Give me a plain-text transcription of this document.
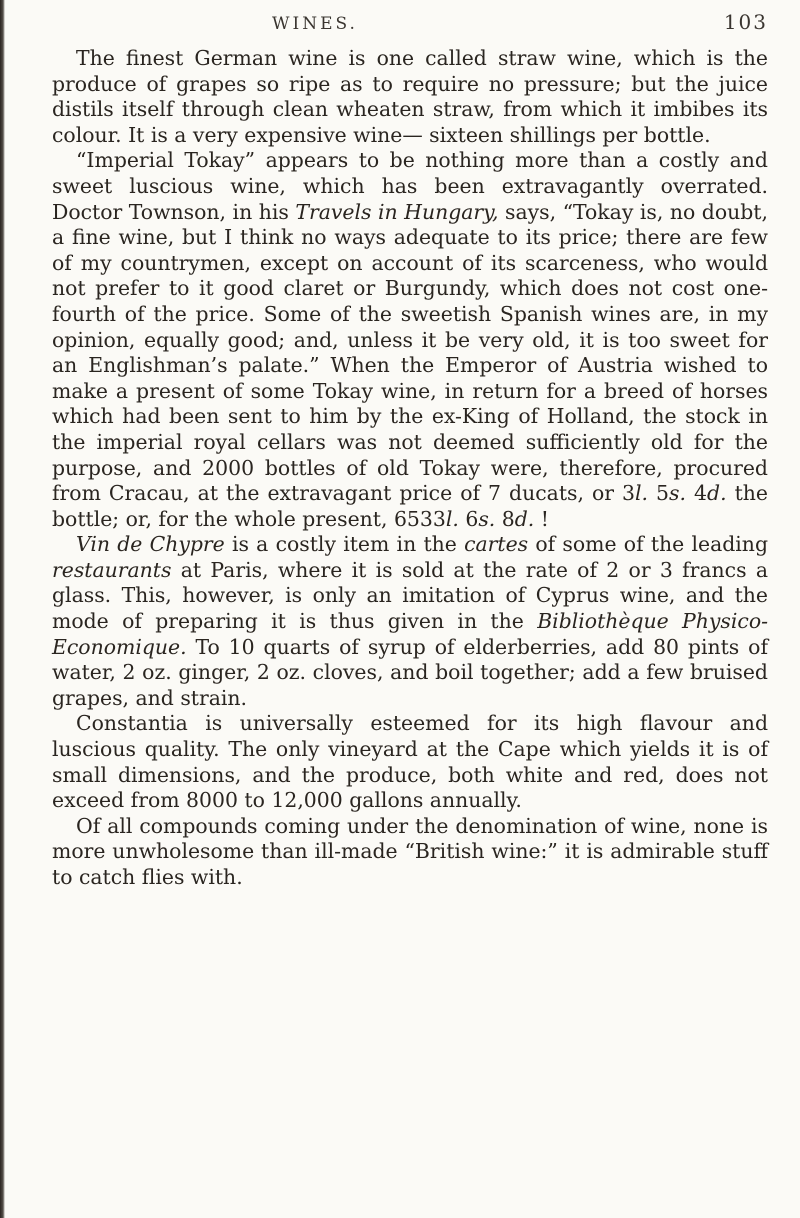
WINES.	103

The finest German wine is one called straw wine, which is the produce of grapes so ripe as to require no pressure; but the juice distils itself through clean wheaten straw, from which it imbibes its colour. It is a very expensive wine— sixteen shillings per bottle.

“Imperial Tokay” appears to be nothing more than a costly and sweet luscious wine, which has been extravagantly overrated. Doctor Townson, in his Travels in Hungary, says, “Tokay is, no doubt, a fine wine, but I think no ways adequate to its price; there are few of my countrymen, except on account of its scarceness, who would not prefer to it good claret or Burgundy, which does not cost one-fourth of the price. Some of the sweetish Spanish wines are, in my opinion, equally good; and, unless it be very old, it is too sweet for an Englishman’s palate.” When the Emperor of Austria wished to make a present of some Tokay wine, in return for a breed of horses which had been sent to him by the ex-King of Holland, the stock in the imperial royal cellars was not deemed sufficiently old for the purpose, and 2000 bottles of old Tokay were, therefore, procured from Cracau, at the extravagant price of 7 ducats, or 3l. 5s. 4d. the bottle; or, for the whole present, 6533l. 6s. 8d. !

Vin de Chypre is a costly item in the cartes of some of the leading restaurants at Paris, where it is sold at the rate of 2 or 3 francs a glass. This, however, is only an imitation of Cyprus wine, and the mode of preparing it is thus given in the Bibliothèque Physico-Economique. To 10 quarts of syrup of elderberries, add 80 pints of water, 2 oz. ginger, 2 oz. cloves, and boil together; add a few bruised grapes, and strain.

Constantia is universally esteemed for its high flavour and luscious quality. The only vineyard at the Cape which yields it is of small dimensions, and the produce, both white and red, does not exceed from 8000 to 12,000 gallons annually.

Of all compounds coming under the denomination of wine, none is more unwholesome than ill-made “British wine:” it is admirable stuff to catch flies with.
